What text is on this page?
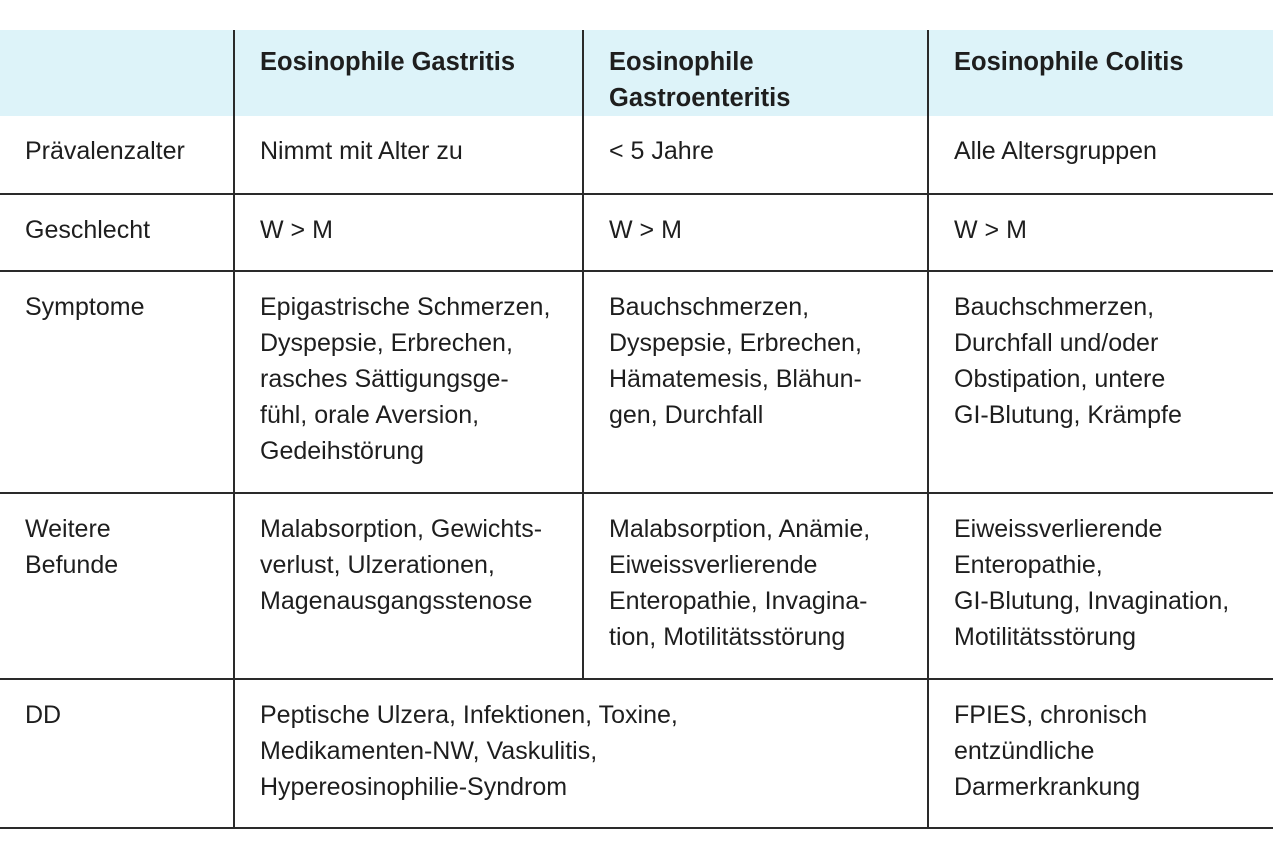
	Eosinophile Gastritis	Eosinophile
Gastroenteritis	Eosinophile Colitis
Prävalenzalter	Nimmt mit Alter zu	< 5 Jahre	Alle Altersgruppen
Geschlecht	W > M	W > M	W > M
Symptome	Epigastrische Schmerzen,
Dyspepsie, Erbrechen,
rasches Sättigungsge-
fühl, orale Aversion,
Gedeihstörung	Bauchschmerzen,
Dyspepsie, Erbrechen,
Hämatemesis, Blähun-
gen, Durchfall	Bauchschmerzen,
Durchfall und/oder
Obstipation, untere
GI-Blutung, Krämpfe
Weitere
Befunde	Malabsorption, Gewichts-
verlust, Ulzerationen,
Magenausgangsstenose	Malabsorption, Anämie,
Eiweissverlierende
Enteropathie, Invagina-
tion, Motilitätsstörung	Eiweissverlierende
Enteropathie,
GI-Blutung, Invagination,
Motilitätsstörung
DD	Peptische Ulzera, Infektionen, Toxine,
Medikamenten-NW, Vaskulitis,
Hypereosinophilie-Syndrom		FPIES, chronisch
entzündliche
Darmerkrankung
